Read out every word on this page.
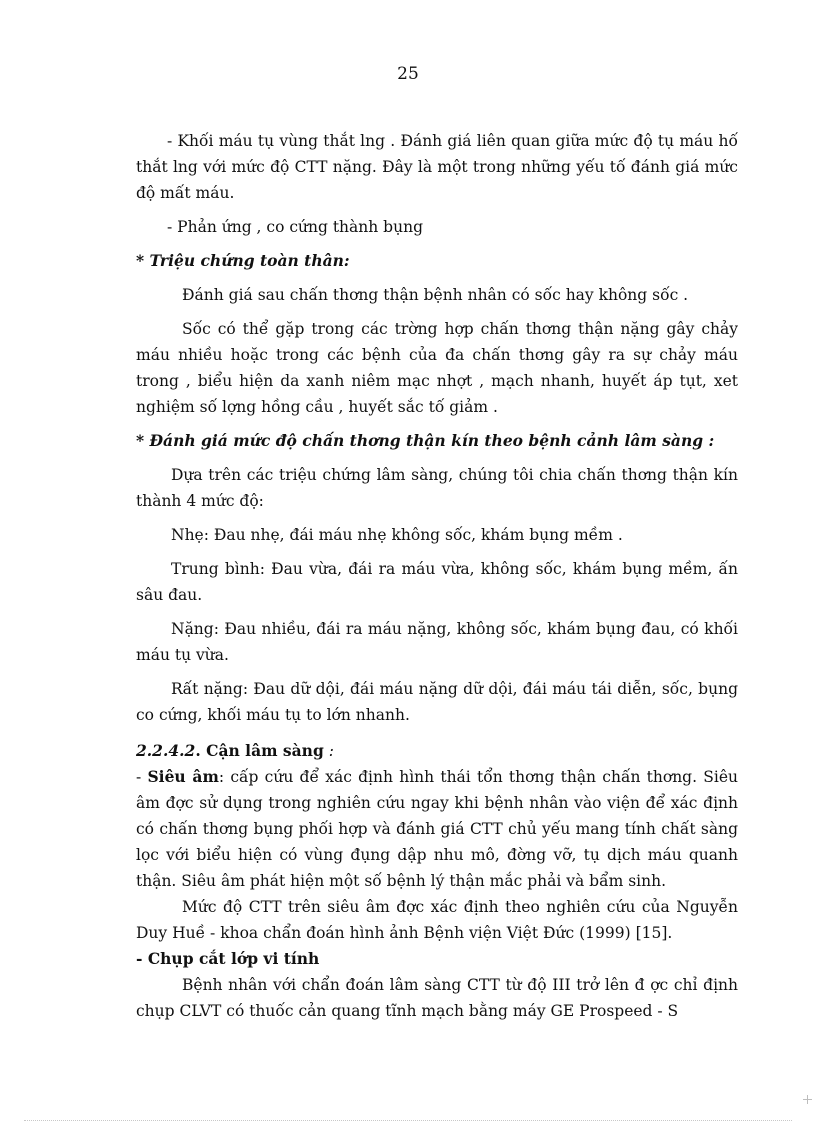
25

- Khối máu tụ vùng thắt lng . Đánh giá liên quan giữa mức độ tụ máu hố thắt lng với mức độ CTT nặng. Đây là một trong những yếu tố đánh giá mức độ mất máu.

- Phản ứng , co cứng thành bụng

* Triệu chứng toàn thân:

Đánh giá sau chấn thơng thận bệnh nhân có sốc hay không sốc .

Sốc có thể gặp trong các trờng hợp chấn thơng thận nặng gây chảy máu nhiều hoặc trong các bệnh của đa chấn thơng gây ra sự chảy máu trong , biểu hiện da xanh niêm mạc nhợt , mạch nhanh, huyết áp tụt, xet nghiệm số lợng hồng cầu , huyết sắc tố giảm .

* Đánh giá mức độ chấn thơng thận kín theo bệnh cảnh lâm sàng :

Dựa trên các triệu chứng lâm sàng, chúng tôi chia chấn thơng thận kín thành 4 mức độ:

Nhẹ: Đau nhẹ, đái máu nhẹ không sốc, khám bụng mềm .

Trung bình: Đau vừa, đái ra máu vừa, không sốc, khám bụng mềm, ấn sâu đau.

Nặng: Đau nhiều, đái ra máu nặng, không sốc, khám bụng đau, có khối máu tụ vừa.

Rất nặng: Đau dữ dội, đái máu nặng dữ dội, đái máu tái diễn, sốc, bụng co cứng, khối máu tụ to lớn nhanh.

2.2.4.2. Cận lâm sàng :

- Siêu âm: cấp cứu để xác định hình thái tổn thơng thận chấn thơng. Siêu âm đợc sử dụng trong nghiên cứu ngay khi bệnh nhân vào viện để xác định có chấn thơng bụng phối hợp và đánh giá CTT chủ yếu mang tính chất sàng lọc với biểu hiện có vùng đụng dập nhu mô, đờng vỡ, tụ dịch máu quanh thận. Siêu âm phát hiện một số bệnh lý thận mắc phải và bẩm sinh.

Mức độ CTT trên siêu âm đợc xác định theo nghiên cứu của Nguyễn Duy Huề - khoa chẩn đoán hình ảnh Bệnh viện Việt Đức (1999) [15].

- Chụp cắt lớp vi tính

Bệnh nhân với chẩn đoán lâm sàng CTT từ độ III trở lên đ ợc chỉ định chụp CLVT có thuốc cản quang tĩnh mạch bằng máy GE Prospeed - S
